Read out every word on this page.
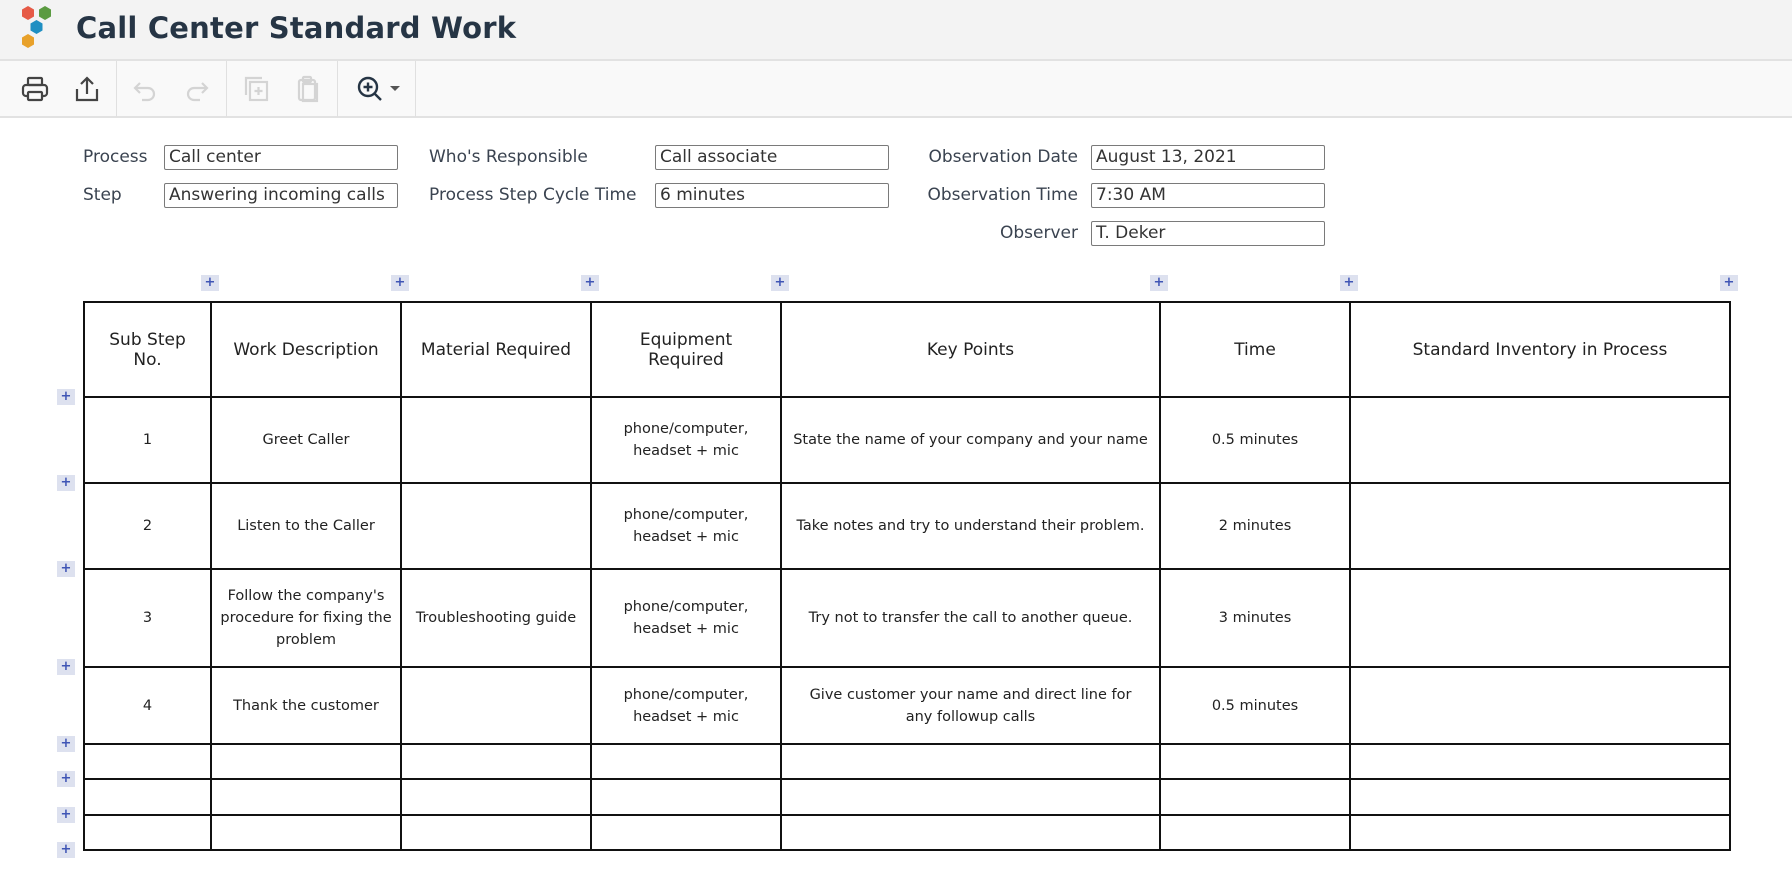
Call Center Standard Work
Process Call center
Step	Answering incoming calls
Who's Responsible	Call associate
Process Step Cycle Time 6 minutes
Observation Date August 13, 2021
Observation Time 7:30 AM
Observer T. Deker
+	+	+	+	+	+	+
+
+
+
+
+
+
+
+
Sub Step No.	Work Description	Material Required	Equipment Required	Key Points	Time	Standard Inventory in Process
1	Greet Caller		phone/computer, headset + mic	State the name of your company and your name	0.5 minutes	
2	Listen to the Caller		phone/computer, headset + mic	Take notes and try to understand their problem.	2 minutes	
3	Follow the company's procedure for fixing the problem	Troubleshooting guide	phone/computer, headset + mic	Try not to transfer the call to another queue.	3 minutes	
4	Thank the customer		phone/computer, headset + mic	Give customer your name and direct line for any followup calls	0.5 minutes	
